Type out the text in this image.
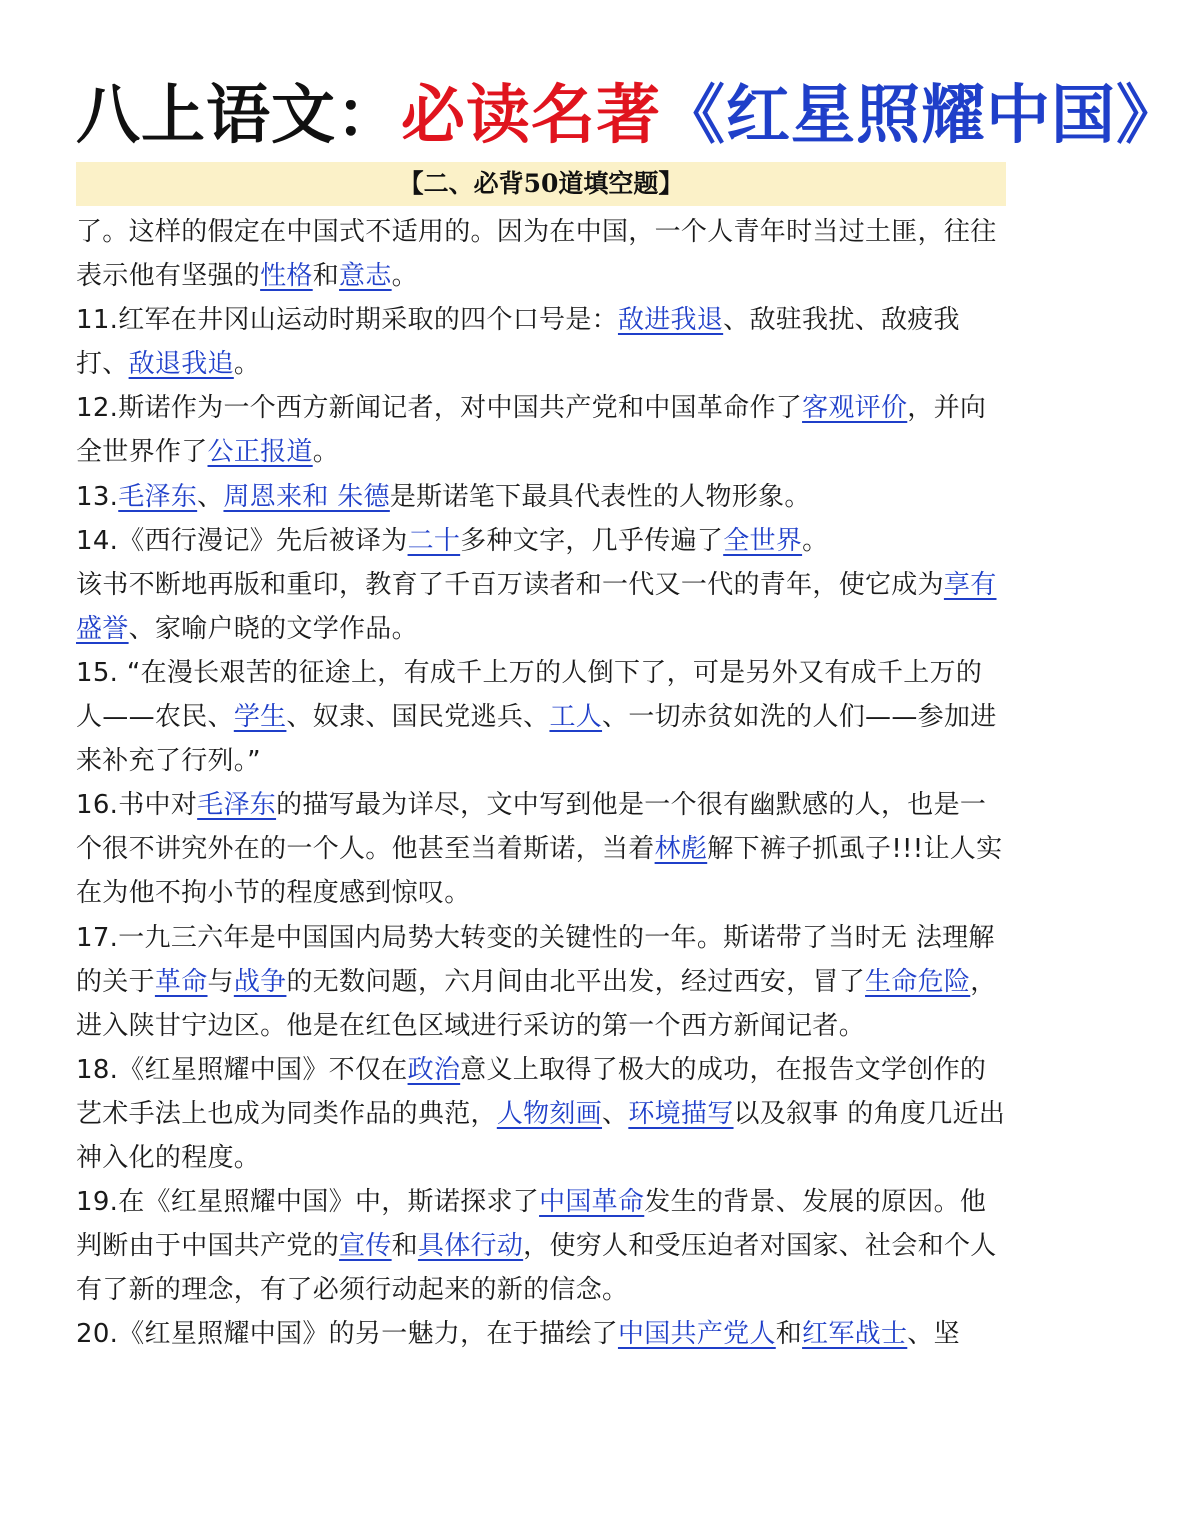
八上语文：必读名著《红星照耀中国》
【二、必背50道填空题】

了。这样的假定在中国式不适用的。因为在中国，一个人青年时当过土匪，往往表示他有坚强的性格和意志。

11.红军在井冈山运动时期采取的四个口号是：敌进我退、敌驻我扰、敌疲我打、敌退我追。

12.斯诺作为一个西方新闻记者，对中国共产党和中国革命作了客观评价，并向全世界作了公正报道。

13.毛泽东、周恩来和 朱德是斯诺笔下最具代表性的人物形象。

14.《西行漫记》先后被译为二十多种文字，几乎传遍了全世界。

该书不断地再版和重印，教育了千百万读者和一代又一代的青年，使它成为享有盛誉、家喻户晓的文学作品。

15. “在漫长艰苦的征途上，有成千上万的人倒下了，可是另外又有成千上万的人——农民、学生、奴隶、国民党逃兵、工人、一切赤贫如洗的人们——参加进来补充了行列。”

16.书中对毛泽东的描写最为详尽，文中写到他是一个很有幽默感的人，也是一个很不讲究外在的一个人。他甚至当着斯诺，当着林彪解下裤子抓虱子!!!让人实在为他不拘小节的程度感到惊叹。

17.一九三六年是中国国内局势大转变的关键性的一年。斯诺带了当时无 法理解的关于革命与战争的无数问题，六月间由北平出发，经过西安，冒了生命危险，进入陕甘宁边区。他是在红色区域进行采访的第一个西方新闻记者。

18.《红星照耀中国》不仅在政治意义上取得了极大的成功，在报告文学创作的艺术手法上也成为同类作品的典范，人物刻画、环境描写以及叙事 的角度几近出神入化的程度。

19.在《红星照耀中国》中，斯诺探求了中国革命发生的背景、发展的原因。他判断由于中国共产党的宣传和具体行动，使穷人和受压迫者对国家、社会和个人有了新的理念，有了必须行动起来的新的信念。

20.《红星照耀中国》的另一魅力，在于描绘了中国共产党人和红军战士、坚
